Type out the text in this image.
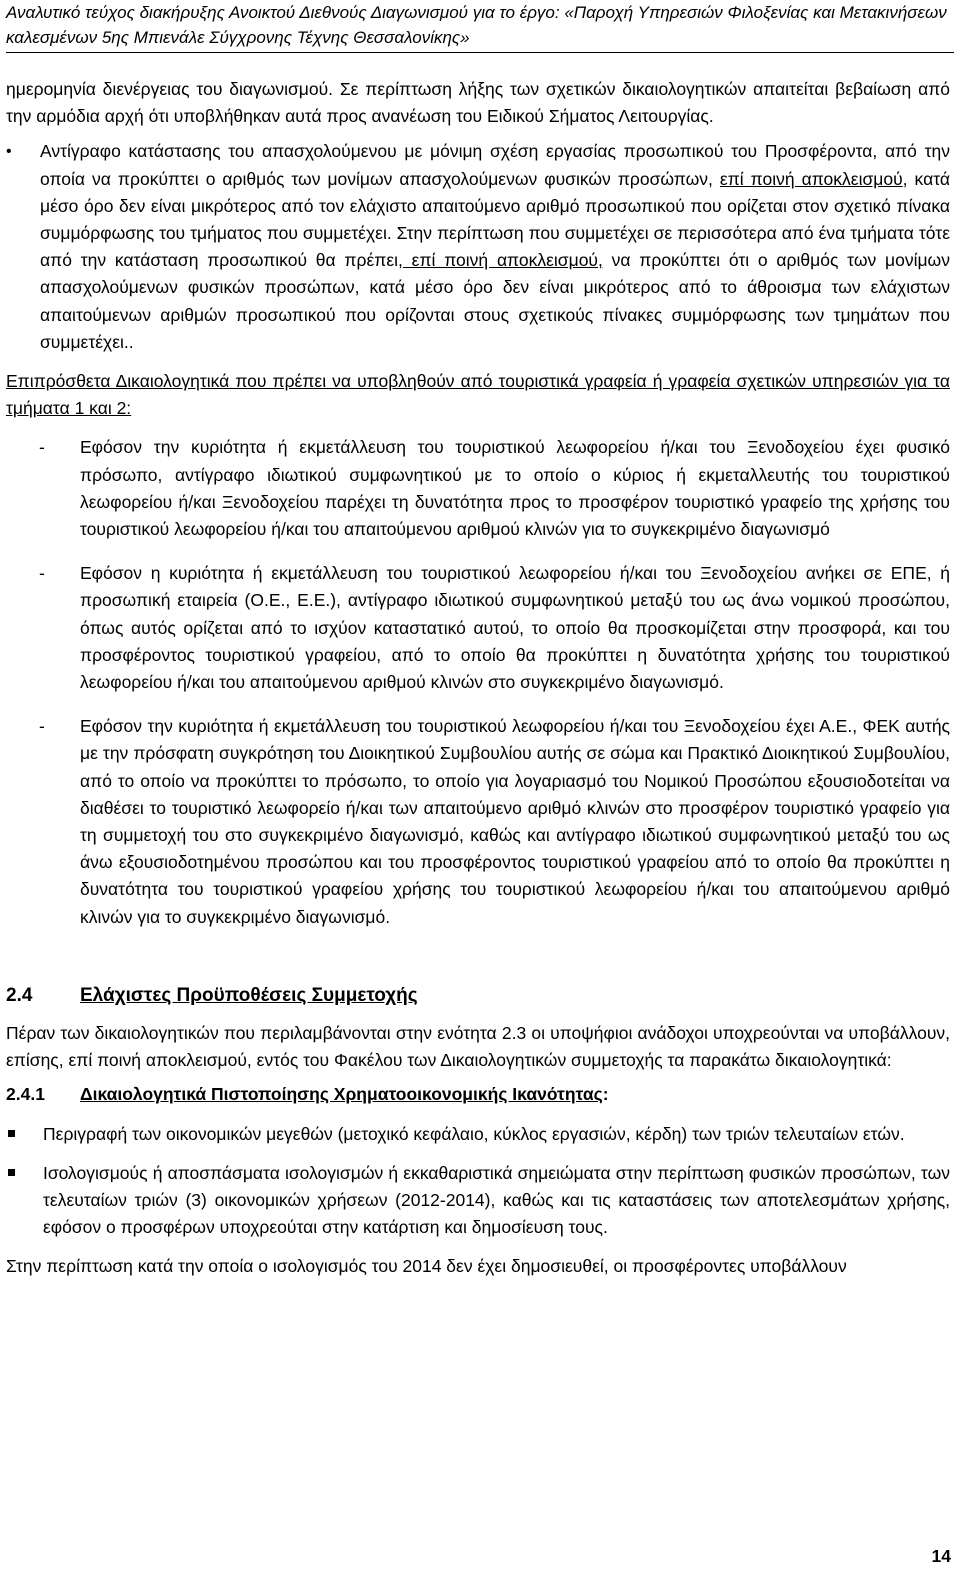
Αναλυτικό τεύχος διακήρυξης Ανοικτού Διεθνούς Διαγωνισμού για το έργο: «Παροχή Υπηρεσιών Φιλοξενίας και Μετακινήσεων
καλεσμένων 5ης Μπιενάλε Σύγχρονης Τέχνης Θεσσαλονίκης»

ημερομηνία διενέργειας του διαγωνισμού. Σε περίπτωση λήξης των σχετικών δικαιολογητικών απαιτείται βεβαίωση από την αρμόδια αρχή ότι υποβλήθηκαν αυτά προς ανανέωση του Ειδικού Σήματος Λειτουργίας.

• Αντίγραφο κατάστασης του απασχολούμενου με μόνιμη σχέση εργασίας προσωπικού του Προσφέροντα, από την οποία να προκύπτει ο αριθμός των μονίμων απασχολούμενων φυσικών προσώπων, επί ποινή αποκλεισμού, κατά μέσο όρο δεν είναι μικρότερος από τον ελάχιστο απαιτούμενο αριθμό προσωπικού που ορίζεται στον σχετικό πίνακα συμμόρφωσης του τμήματος που συμμετέχει. Στην περίπτωση που συμμετέχει σε περισσότερα από ένα τμήματα τότε από την κατάσταση προσωπικού θα πρέπει, επί ποινή αποκλεισμού, να προκύπτει ότι ο αριθμός των μονίμων απασχολούμενων φυσικών προσώπων, κατά μέσο όρο δεν είναι μικρότερος από το άθροισμα των ελάχιστων απαιτούμενων αριθμών προσωπικού που ορίζονται στους σχετικούς πίνακες συμμόρφωσης των τμημάτων που συμμετέχει..

Επιπρόσθετα Δικαιολογητικά που πρέπει να υποβληθούν από τουριστικά γραφεία ή γραφεία σχετικών υπηρεσιών για τα τμήματα 1 και 2:

- Εφόσον την κυριότητα ή εκμετάλλευση του τουριστικού λεωφορείου ή/και του Ξενοδοχείου έχει φυσικό πρόσωπο, αντίγραφο ιδιωτικού συμφωνητικού με το οποίο ο κύριος ή εκμεταλλευτής του τουριστικού λεωφορείου ή/και Ξενοδοχείου παρέχει τη δυνατότητα προς το προσφέρον τουριστικό γραφείο της χρήσης του τουριστικού λεωφορείου ή/και του απαιτούμενου αριθμού κλινών για το συγκεκριμένο διαγωνισμό

- Εφόσον η κυριότητα ή εκμετάλλευση του τουριστικού λεωφορείου ή/και του Ξενοδοχείου ανήκει σε ΕΠΕ, ή προσωπική εταιρεία (Ο.Ε., Ε.Ε.), αντίγραφο ιδιωτικού συμφωνητικού μεταξύ του ως άνω νομικού προσώπου, όπως αυτός ορίζεται από το ισχύον καταστατικό αυτού, το οποίο θα προσκομίζεται στην προσφορά, και του προσφέροντος τουριστικού γραφείου, από το οποίο θα προκύπτει η δυνατότητα χρήσης του τουριστικού λεωφορείου ή/και του απαιτούμενου αριθμού κλινών στο συγκεκριμένο διαγωνισμό.

- Εφόσον την κυριότητα ή εκμετάλλευση του τουριστικού λεωφορείου ή/και του Ξενοδοχείου έχει Α.Ε., ΦΕΚ αυτής με την πρόσφατη συγκρότηση του Διοικητικού Συμβουλίου αυτής σε σώμα και Πρακτικό Διοικητικού Συμβουλίου, από το οποίο να προκύπτει το πρόσωπο, το οποίο για λογαριασμό του Νομικού Προσώπου εξουσιοδοτείται να διαθέσει το τουριστικό λεωφορείο ή/και των απαιτούμενο αριθμό κλινών στο προσφέρον τουριστικό γραφείο για τη συμμετοχή του στο συγκεκριμένο διαγωνισμό, καθώς και αντίγραφο ιδιωτικού συμφωνητικού μεταξύ του ως άνω εξουσιοδοτημένου προσώπου και του προσφέροντος τουριστικού γραφείου από το οποίο θα προκύπτει η δυνατότητα του τουριστικού γραφείου χρήσης του τουριστικού λεωφορείου ή/και του απαιτούμενου αριθμό κλινών για το συγκεκριμένο διαγωνισμό.

2.4	Ελάχιστες Προϋποθέσεις Συμμετοχής

Πέραν των δικαιολογητικών που περιλαμβάνονται στην ενότητα 2.3 οι υποψήφιοι ανάδοχοι υποχρεούνται να υποβάλλουν, επίσης, επί ποινή αποκλεισμού, εντός του Φακέλου των Δικαιολογητικών συμμετοχής τα παρακάτω δικαιολογητικά:

2.4.1	Δικαιολογητικά Πιστοποίησης Χρηματοοικονομικής Ικανότητας:

Περιγραφή των οικονομικών μεγεθών (μετοχικό κεφάλαιο, κύκλος εργασιών, κέρδη) των τριών τελευταίων ετών.

Ισολογισμούς ή αποσπάσματα ισολογισμών ή εκκαθαριστικά σημειώματα στην περίπτωση φυσικών προσώπων, των τελευταίων τριών (3) οικονομικών χρήσεων (2012-2014), καθώς και τις καταστάσεις των αποτελεσμάτων χρήσης, εφόσον ο προσφέρων υποχρεούται στην κατάρτιση και δημοσίευση τους.

Στην περίπτωση κατά την οποία ο ισολογισμός του 2014 δεν έχει δημοσιευθεί, οι προσφέροντες υποβάλλουν

14
